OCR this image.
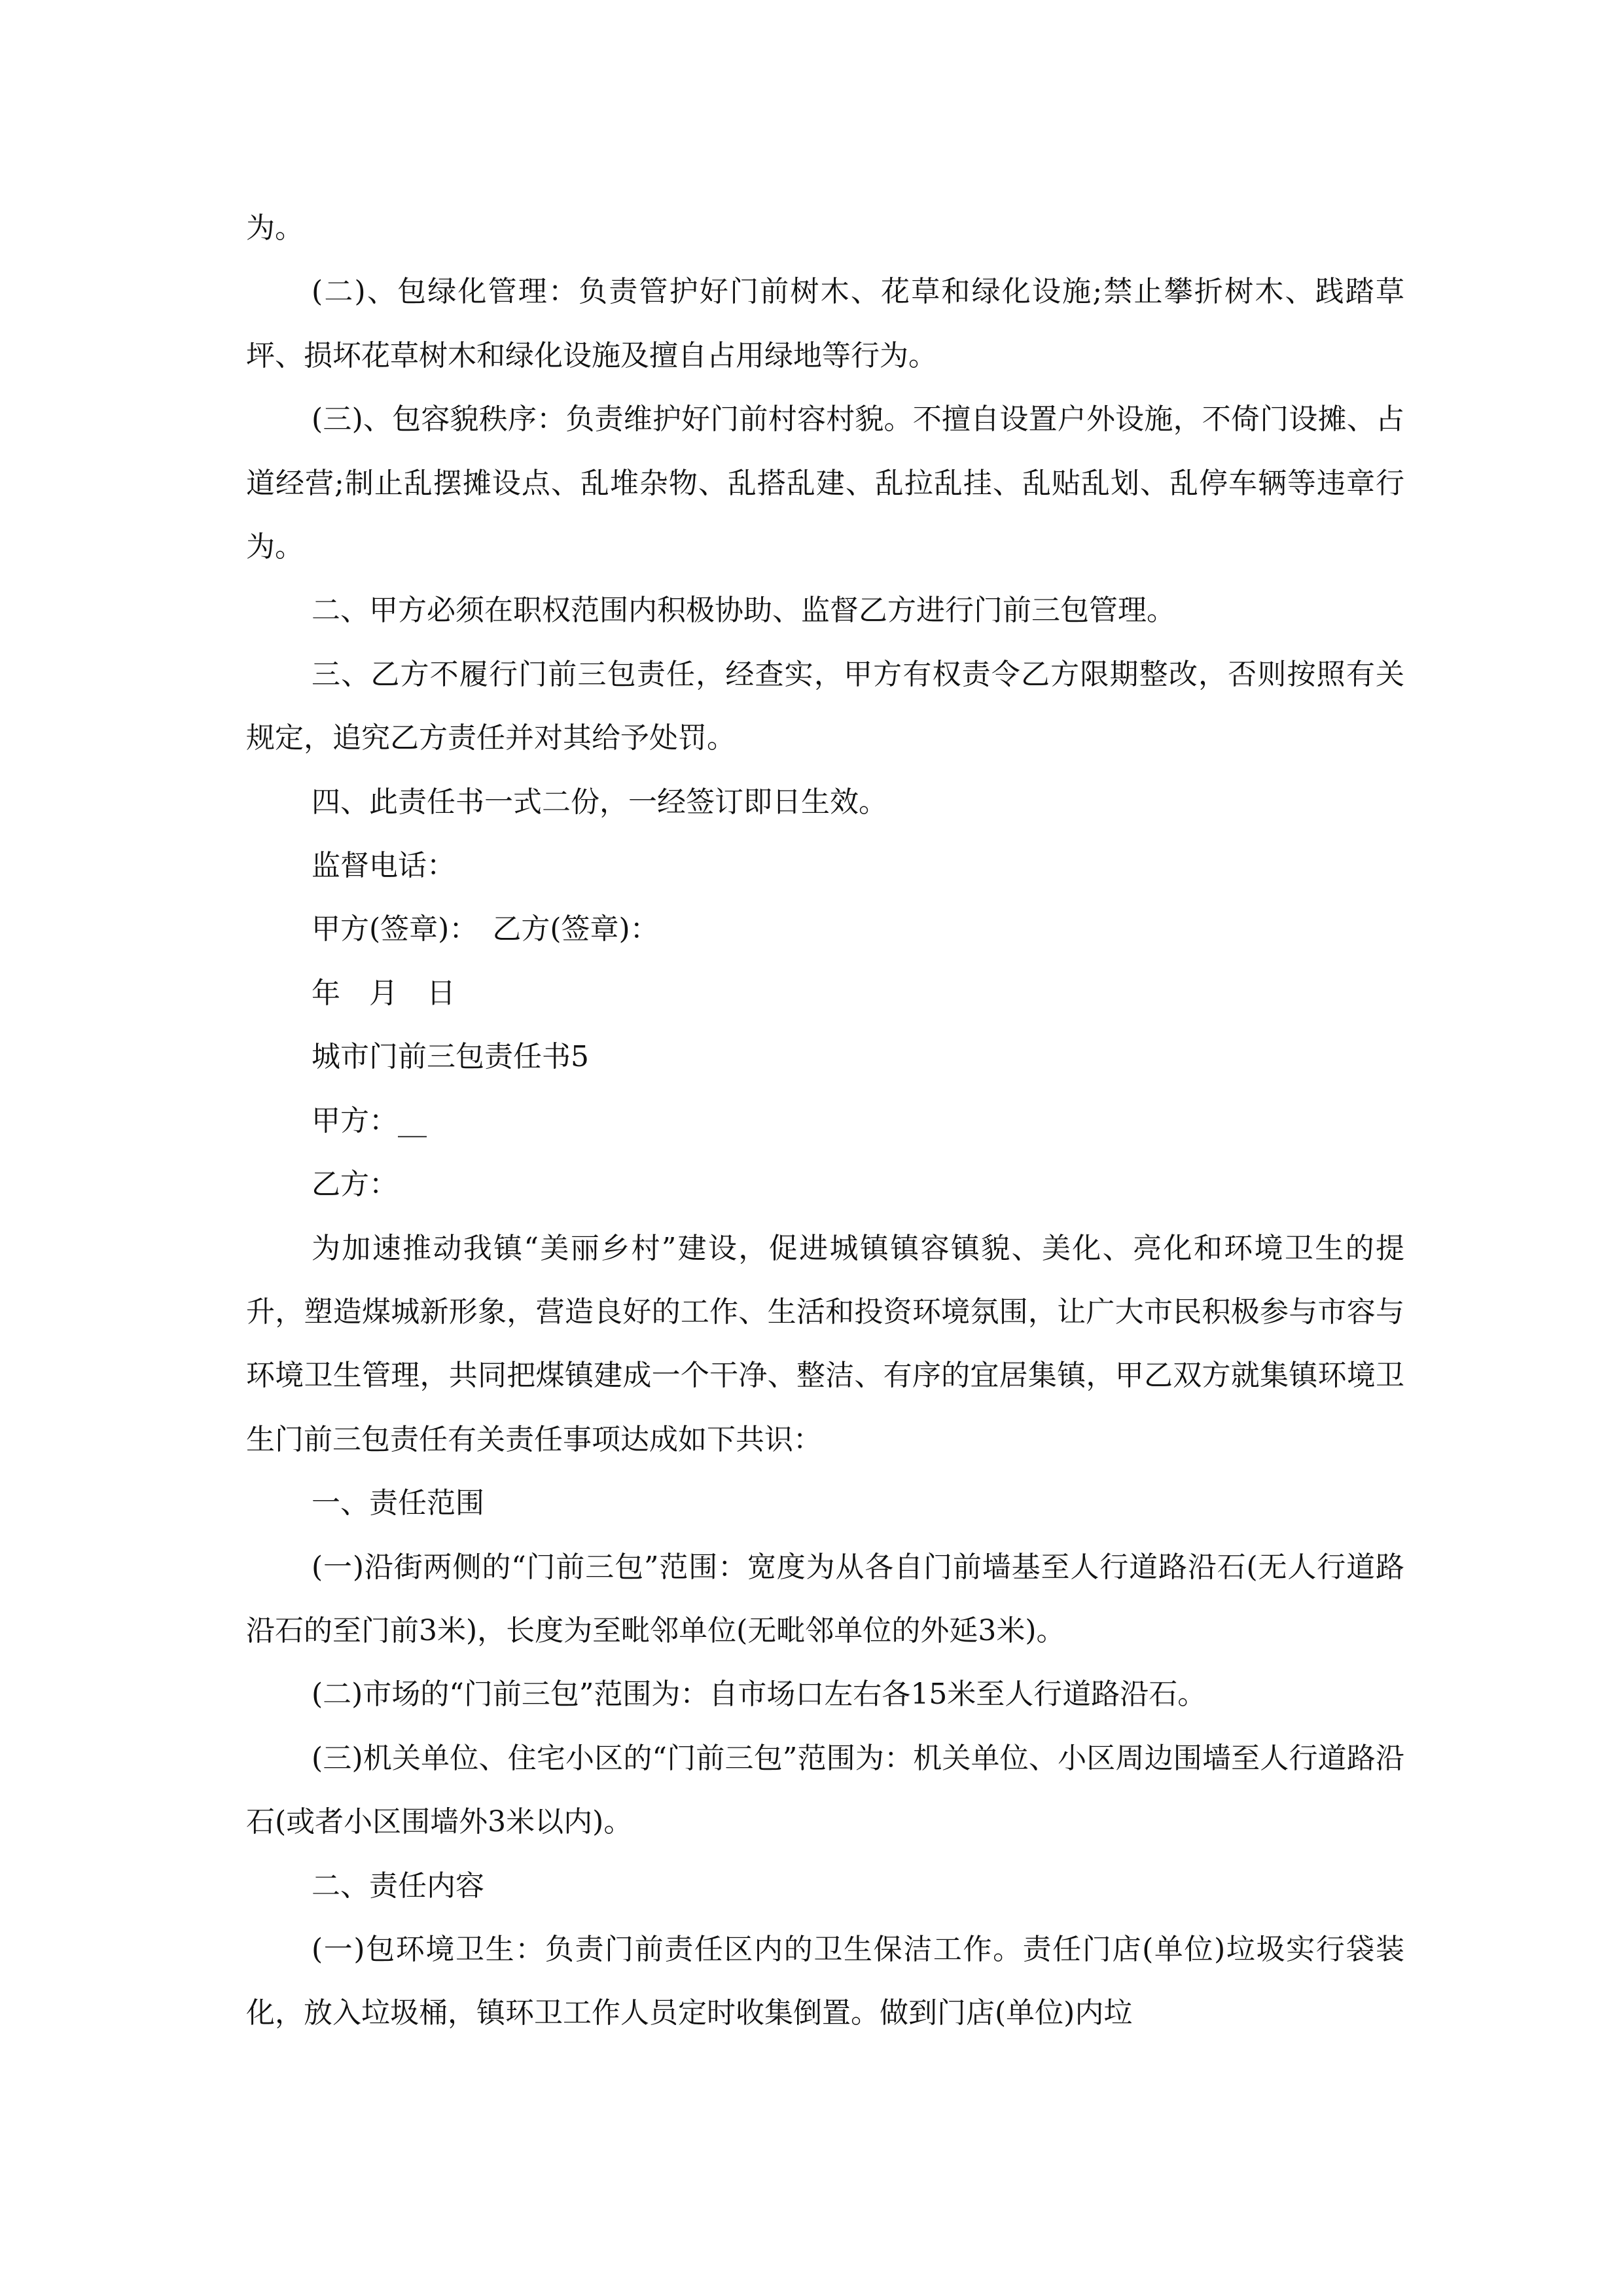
为。

(二)、包绿化管理：负责管护好门前树木、花草和绿化设施;禁止攀折树木、践踏草坪、损坏花草树木和绿化设施及擅自占用绿地等行为。

(三)、包容貌秩序：负责维护好门前村容村貌。不擅自设置户外设施，不倚门设摊、占道经营;制止乱摆摊设点、乱堆杂物、乱搭乱建、乱拉乱挂、乱贴乱划、乱停车辆等违章行为。

二、甲方必须在职权范围内积极协助、监督乙方进行门前三包管理。

三、乙方不履行门前三包责任，经查实，甲方有权责令乙方限期整改，否则按照有关规定，追究乙方责任并对其给予处罚。

四、此责任书一式二份，一经签订即日生效。

监督电话：

甲方(签章)：　乙方(签章)：

年　月　日

城市门前三包责任书5

甲方：__

乙方：

为加速推动我镇“美丽乡村”建设，促进城镇镇容镇貌、美化、亮化和环境卫生的提升，塑造煤城新形象，营造良好的工作、生活和投资环境氛围，让广大市民积极参与市容与环境卫生管理，共同把煤镇建成一个干净、整洁、有序的宜居集镇，甲乙双方就集镇环境卫生门前三包责任有关责任事项达成如下共识：

一、责任范围

(一)沿街两侧的“门前三包”范围：宽度为从各自门前墙基至人行道路沿石(无人行道路沿石的至门前3米)，长度为至毗邻单位(无毗邻单位的外延3米)。

(二)市场的“门前三包”范围为：自市场口左右各15米至人行道路沿石。

(三)机关单位、住宅小区的“门前三包”范围为：机关单位、小区周边围墙至人行道路沿石(或者小区围墙外3米以内)。

二、责任内容

(一)包环境卫生：负责门前责任区内的卫生保洁工作。责任门店(单位)垃圾实行袋装化，放入垃圾桶，镇环卫工作人员定时收集倒置。做到门店(单位)内垃
